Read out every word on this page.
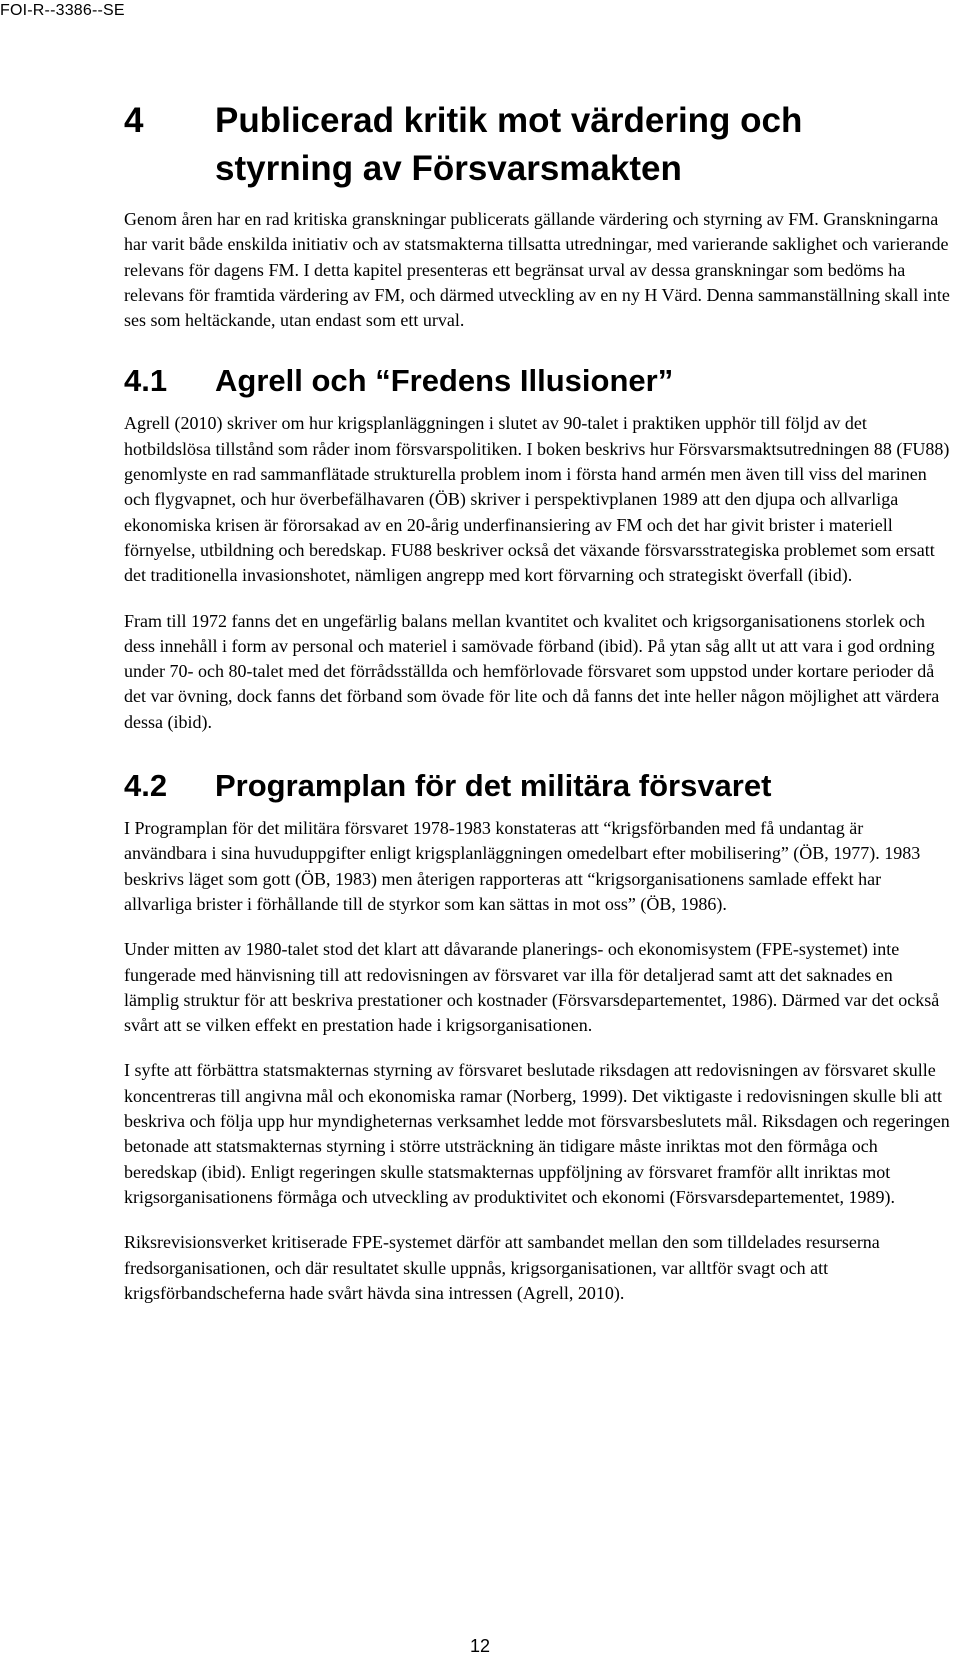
FOI-R--3386--SE
4	Publicerad kritik mot värdering och styrning av Försvarsmakten

Genom åren har en rad kritiska granskningar publicerats gällande värdering och styrning av FM. Granskningarna har varit både enskilda initiativ och av statsmakterna tillsatta utredningar, med varierande saklighet och varierande relevans för dagens FM. I detta kapitel presenteras ett begränsat urval av dessa granskningar som bedöms ha relevans för framtida värdering av FM, och därmed utveckling av en ny H Värd. Denna sammanställning skall inte ses som heltäckande, utan endast som ett urval.

4.1	Agrell och “Fredens Illusioner”

Agrell (2010) skriver om hur krigsplanläggningen i slutet av 90-talet i praktiken upphör till följd av det hotbildslösa tillstånd som råder inom försvarspolitiken. I boken beskrivs hur Försvarsmaktsutredningen 88 (FU88) genomlyste en rad sammanflätade strukturella problem inom i första hand armén men även till viss del marinen och flygvapnet, och hur överbefälhavaren (ÖB) skriver i perspektivplanen 1989 att den djupa och allvarliga ekonomiska krisen är förorsakad av en 20-årig underfinansiering av FM och det har givit brister i materiell förnyelse, utbildning och beredskap. FU88 beskriver också det växande försvarsstrategiska problemet som ersatt det traditionella invasionshotet, nämligen angrepp med kort förvarning och strategiskt överfall (ibid).

Fram till 1972 fanns det en ungefärlig balans mellan kvantitet och kvalitet och krigsorganisationens storlek och dess innehåll i form av personal och materiel i samövade förband (ibid). På ytan såg allt ut att vara i god ordning under 70- och 80-talet med det förrådsställda och hemförlovade försvaret som uppstod under kortare perioder då det var övning, dock fanns det förband som övade för lite och då fanns det inte heller någon möjlighet att värdera dessa (ibid).

4.2	Programplan för det militära försvaret

I Programplan för det militära försvaret 1978-1983 konstateras att “krigsförbanden med få undantag är användbara i sina huvuduppgifter enligt krigsplanläggningen omedelbart efter mobilisering” (ÖB, 1977). 1983 beskrivs läget som gott (ÖB, 1983) men återigen rapporteras att “krigsorganisationens samlade effekt har allvarliga brister i förhållande till de styrkor som kan sättas in mot oss” (ÖB, 1986).

Under mitten av 1980-talet stod det klart att dåvarande planerings- och ekonomisystem (FPE-systemet) inte fungerade med hänvisning till att redovisningen av försvaret var illa för detaljerad samt att det saknades en lämplig struktur för att beskriva prestationer och kostnader (Försvarsdepartementet, 1986). Därmed var det också svårt att se vilken effekt en prestation hade i krigsorganisationen.

I syfte att förbättra statsmakternas styrning av försvaret beslutade riksdagen att redovisningen av försvaret skulle koncentreras till angivna mål och ekonomiska ramar (Norberg, 1999). Det viktigaste i redovisningen skulle bli att beskriva och följa upp hur myndigheternas verksamhet ledde mot försvarsbeslutets mål. Riksdagen och regeringen betonade att statsmakternas styrning i större utsträckning än tidigare måste inriktas mot den förmåga och beredskap (ibid). Enligt regeringen skulle statsmakternas uppföljning av försvaret framför allt inriktas mot krigsorganisationens förmåga och utveckling av produktivitet och ekonomi (Försvarsdepartementet, 1989).

Riksrevisionsverket kritiserade FPE-systemet därför att sambandet mellan den som tilldelades resurserna fredsorganisationen, och där resultatet skulle uppnås, krigsorganisationen, var alltför svagt och att krigsförbandscheferna hade svårt hävda sina intressen (Agrell, 2010).

12
